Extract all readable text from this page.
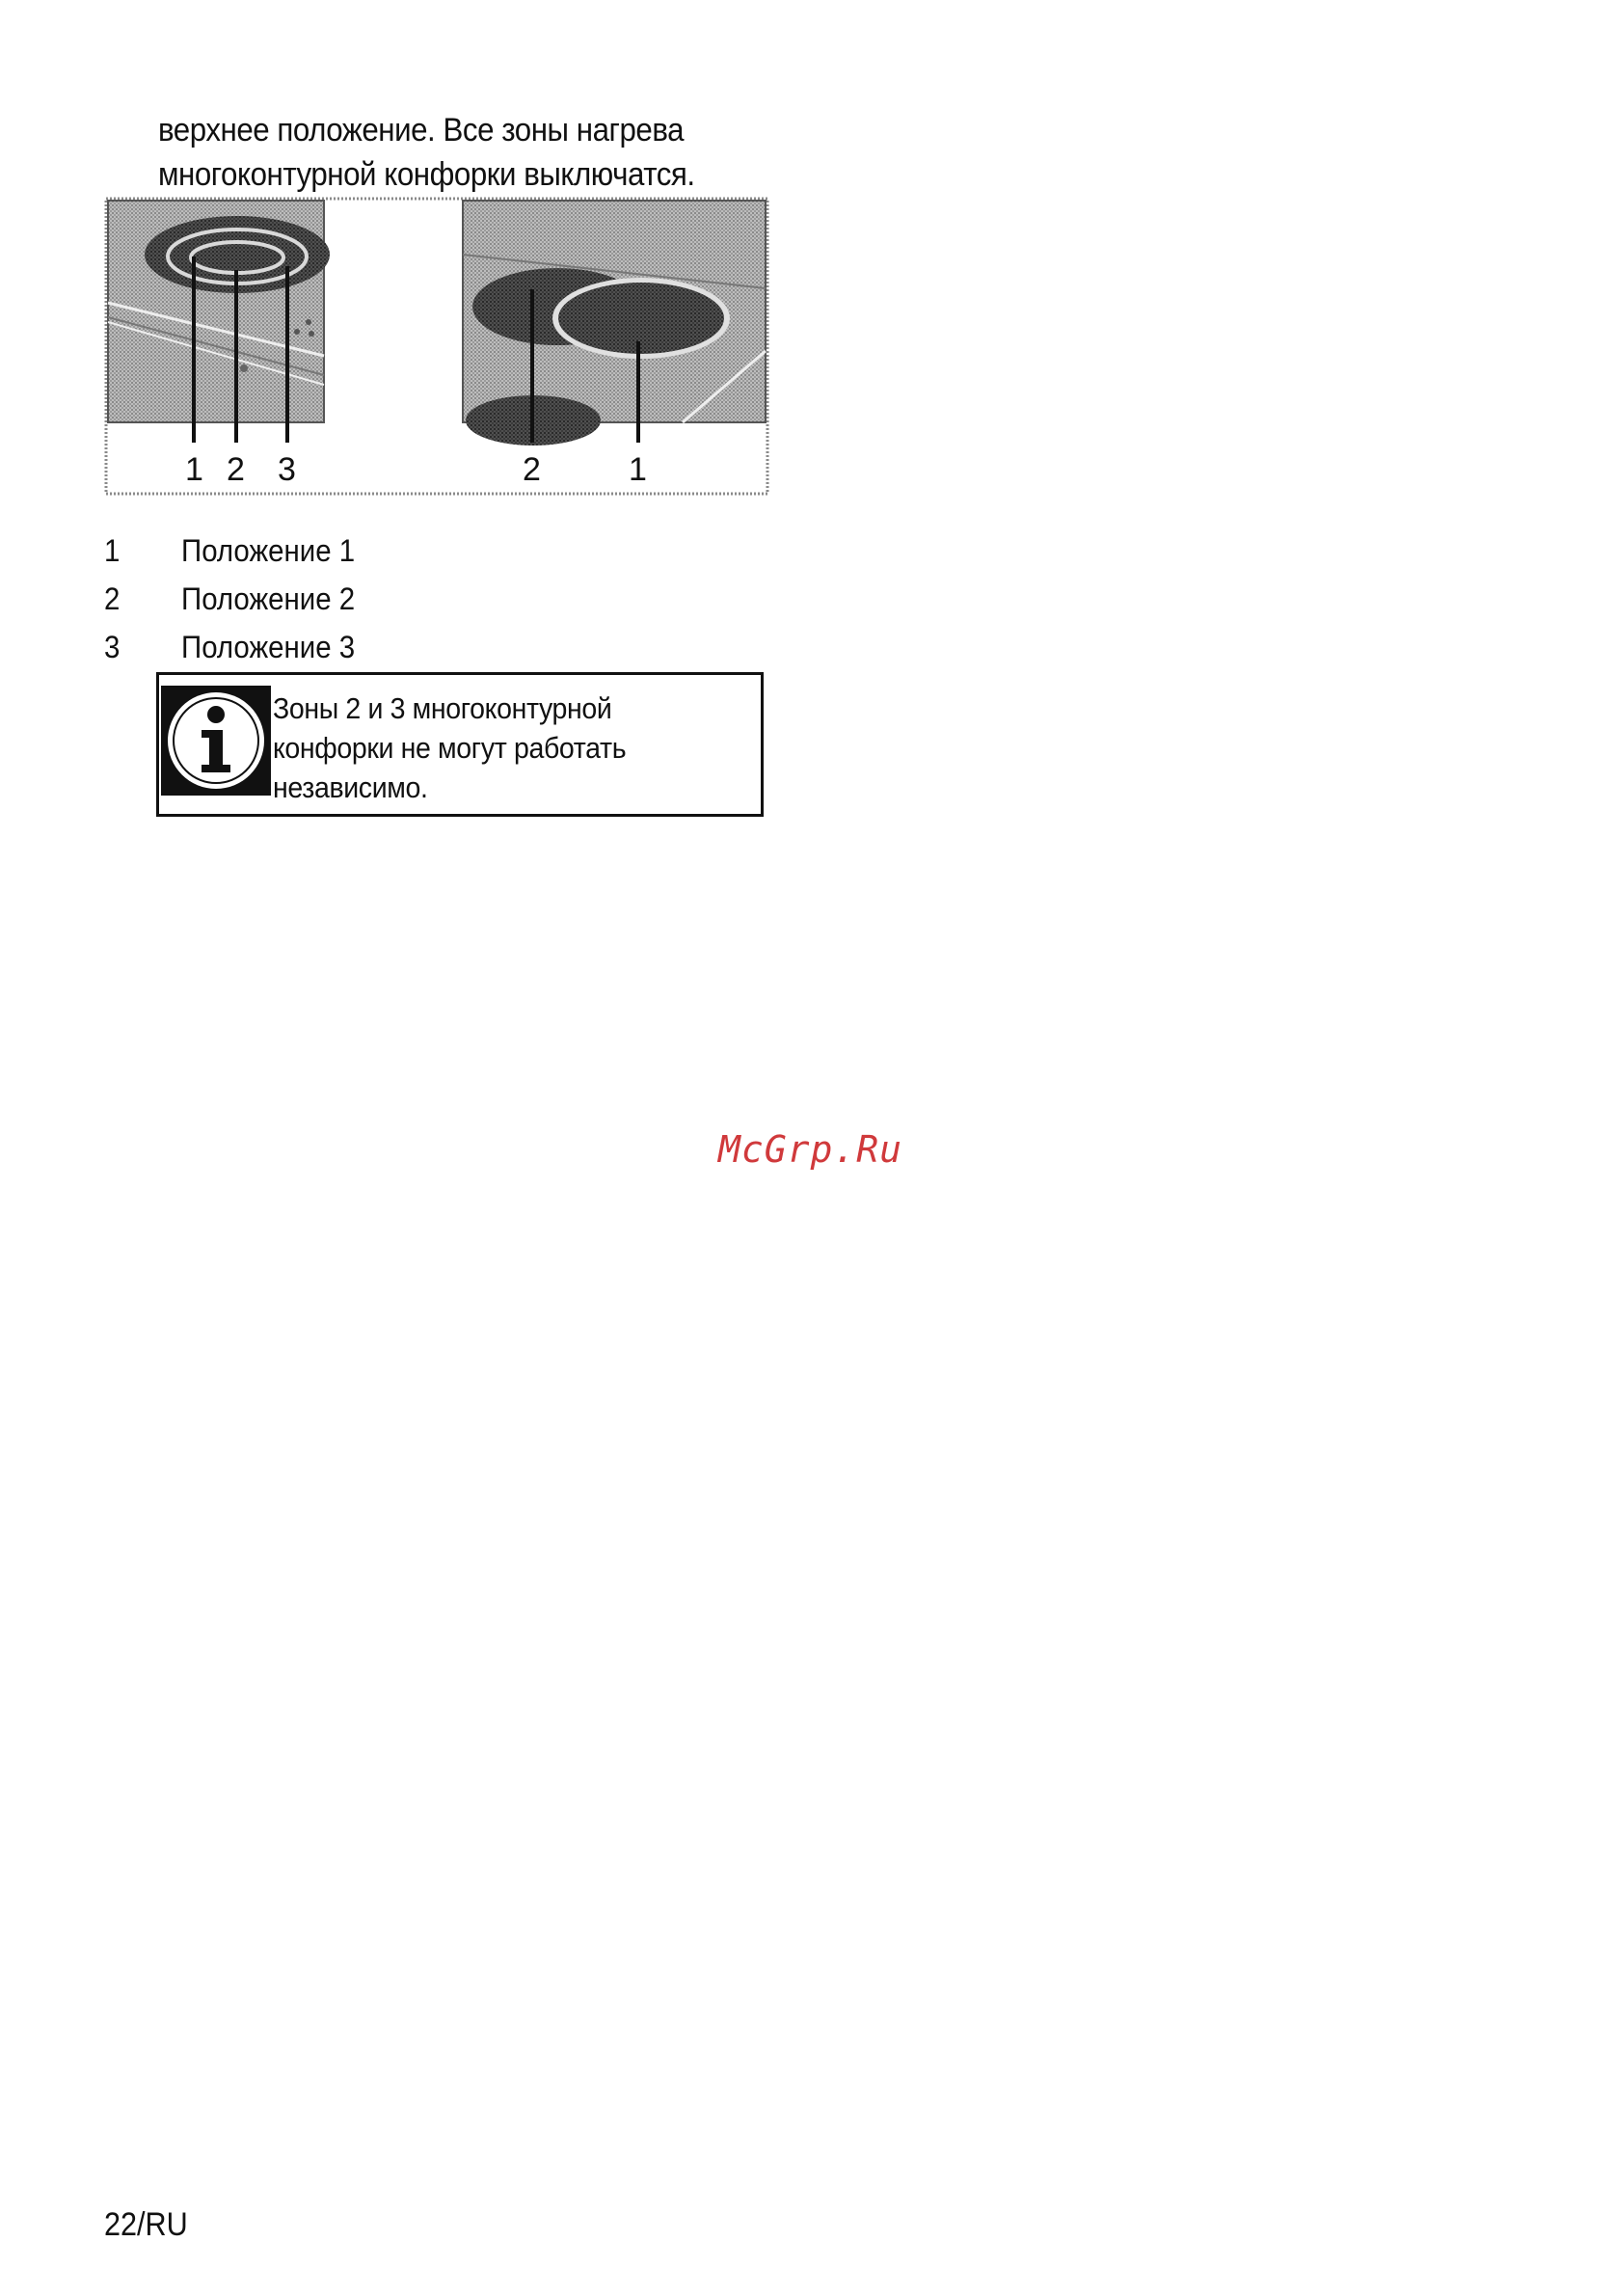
верхнее положение. Все зоны нагрева
многоконтурной конфорки выключатся.
1 2 3	2	1
1 Положение 1
2 Положение 2
3 Положение 3
Зоны 2 и 3 многоконтурной
конфорки не могут работать
независимо.
McGrp.Ru
22/RU
